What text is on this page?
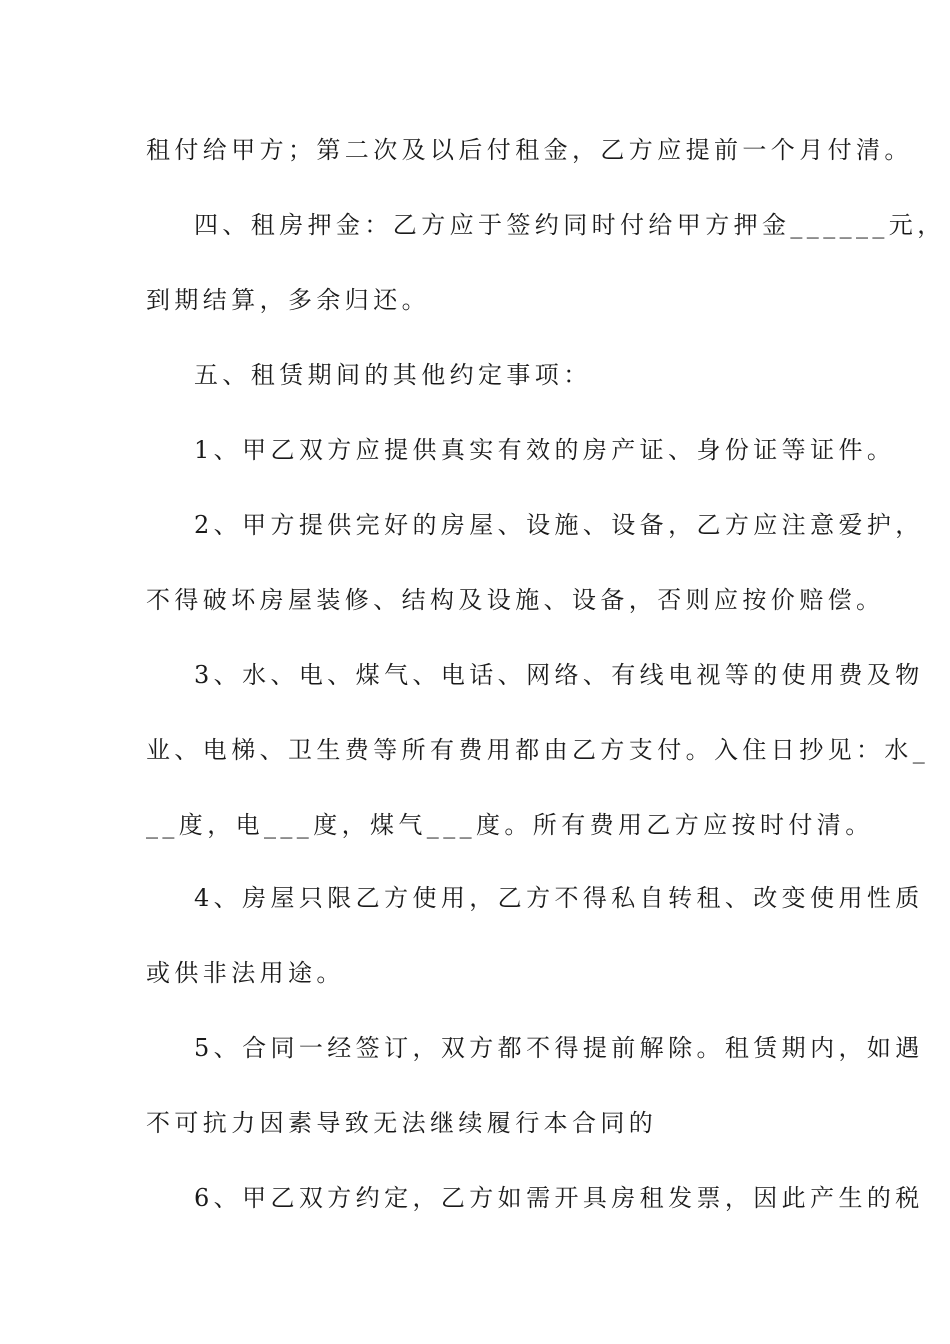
租付给甲方；第二次及以后付租金，乙方应提前一个月付清。
四、租房押金：乙方应于签约同时付给甲方押金______元，
到期结算，多余归还。
五、租赁期间的其他约定事项：
1、甲乙双方应提供真实有效的房产证、身份证等证件。
2、甲方提供完好的房屋、设施、设备，乙方应注意爱护，
不得破坏房屋装修、结构及设施、设备，否则应按价赔偿。
3、水、电、煤气、电话、网络、有线电视等的使用费及物
业、电梯、卫生费等所有费用都由乙方支付。入住日抄见：水_
__度，电___度，煤气___度。所有费用乙方应按时付清。
4、房屋只限乙方使用，乙方不得私自转租、改变使用性质
或供非法用途。
5、合同一经签订，双方都不得提前解除。租赁期内，如遇
不可抗力因素导致无法继续履行本合同的
6、甲乙双方约定，乙方如需开具房租发票，因此产生的税
